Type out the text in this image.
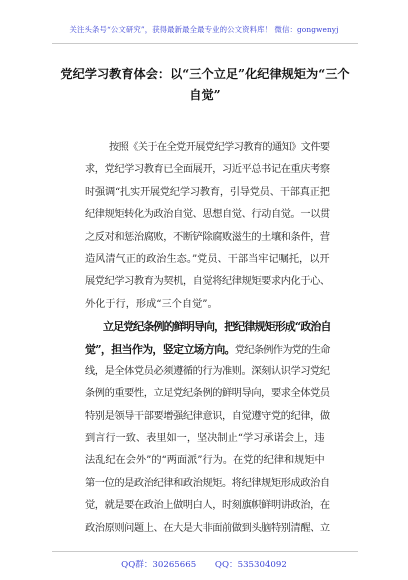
关注头条号“公文研究”，获得最新最全最专业的公文资料库！ 微信：gongwenyj
党纪学习教育体会：以“三个立足”化纪律规矩为“三个
自觉”
按照《关于在全党开展党纪学习教育的通知》文件要
求，党纪学习教育已全面展开，习近平总书记在重庆考察
时强调“扎实开展党纪学习教育，引导党员、干部真正把
纪律规矩转化为政治自觉、思想自觉、行动自觉。一以贯
之反对和惩治腐败，不断铲除腐败滋生的土壤和条件，营
造风清气正的政治生态。”党员、干部当牢记嘱托，以开
展党纪学习教育为契机，自觉将纪律规矩要求内化于心、
外化于行，形成“三个自觉”。
立足党纪条例的鲜明导向，把纪律规矩形成“政治自
觉”，担当作为，竖定立场方向。党纪条例作为党的生命
线，是全体党员必须遵循的行为准则。深刻认识学习党纪
条例的重要性，立足党纪条例的鲜明导向，要求全体党员
特别是领导干部要增强纪律意识，自觉遵守党的纪律，做
到言行一致、表里如一，坚决制止“学习承诺会上，违
法乱纪在会外”的“两面派”行为。在党的纪律和规矩中
第一位的是政治纪律和政治规矩。将纪律规矩形成政治自
觉，就是要在政治上做明白人，时刻旗帜鲜明讲政治，在
政治原则问题上、在大是大非面前做到头脑特别清醒、立
QQ群：30265665 QQ：535304092
